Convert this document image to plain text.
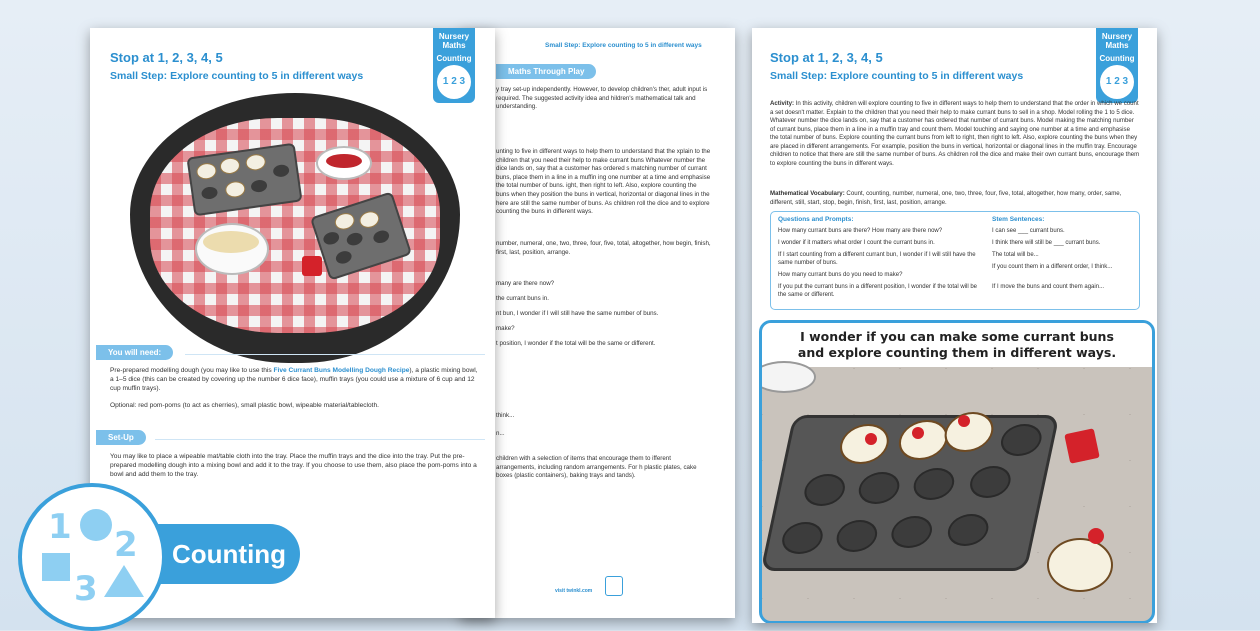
Small Step: Explore counting to 5 in different ways
Maths Through Play
y tray set-up independently. However, to develop children's ther, adult input is required. The suggested activity idea and hildren's mathematical talk and understanding.
unting to five in different ways to help them to understand that the xplain to the children that you need their help to make currant buns Whatever number the dice lands on, say that a customer has ordered s matching number of currant buns, place them in a line in a muffin ing one number at a time and emphasise the total number of buns. ight, then right to left. Also, explore counting the buns when they position the buns in vertical, horizontal or diagonal lines in the here are still the same number of buns. As children roll the dice and to explore counting the buns in different ways.
number, numeral, one, two, three, four, five, total, altogether, how begin, finish, first, last, position, arrange.
many are there now?
the currant buns in.
nt bun, I wonder if I will still have the same number of buns.
make?
t position, I wonder if the total will be the same or different.
think...
n...
children with a selection of items that encourage them to ifferent arrangements, including random arrangements. For h plastic plates, cake boxes (plastic containers), baking trays and tands).
visit twinkl.com
Stop at 1, 2, 3, 4, 5
Small Step: Explore counting to 5 in different ways
Nursery Maths
Counting
1 2 3
You will need:
Pre-prepared modelling dough (you may like to use this Five Currant Buns Modelling Dough Recipe), a plastic mixing bowl, a 1–5 dice (this can be created by covering up the number 6 dice face), muffin trays (you could use a mixture of 6 cup and 12 cup muffin trays).
Optional: red pom-poms (to act as cherries), small plastic bowl, wipeable material/tablecloth.
Set-Up
You may like to place a wipeable mat/table cloth into the tray. Place the muffin trays and the dice into the tray. Put the pre-prepared modelling dough into a mixing bowl and add it to the tray. If you choose to use them, also place the pom-poms into a bowl and add them to the tray.
Counting
1 2
3
Stop at 1, 2, 3, 4, 5
Small Step: Explore counting to 5 in different ways
Nursery Maths
Counting
1 2 3
Activity: In this activity, children will explore counting to five in different ways to help them to understand that the order in which we count a set doesn't matter. Explain to the children that you need their help to make currant buns to sell in a shop. Model rolling the 1 to 5 dice. Whatever number the dice lands on, say that a customer has ordered that number of currant buns. Model making the matching number of currant buns, place them in a line in a muffin tray and count them. Model touching and saying one number at a time and emphasise the total number of buns. Explore counting the currant buns from left to right, then right to left. Also, explore counting the buns when they are placed in different arrangements. For example, position the buns in vertical, horizontal or diagonal lines in the muffin tray. Encourage children to notice that there are still the same number of buns. As children roll the dice and make their own currant buns, encourage them to explore counting the buns in different ways.
Mathematical Vocabulary: Count, counting, number, numeral, one, two, three, four, five, total, altogether, how many, order, same, different, still, start, stop, begin, finish, first, last, position, arrange.
Questions and Prompts:	Stem Sentences:
How many currant buns are there? How many are there now?
I wonder if it matters what order I count the currant buns in.
If I start counting from a different currant bun, I wonder if I will still have the same number of buns.
How many currant buns do you need to make?
If you put the currant buns in a different position, I wonder if the total will be the same or different.
I can see ___ currant buns.
I think there will still be ___ currant buns.
The total will be...
If you count them in a different order, I think...
If I move the buns and count them again...
I wonder if you can make some currant buns
and explore counting them in different ways.
